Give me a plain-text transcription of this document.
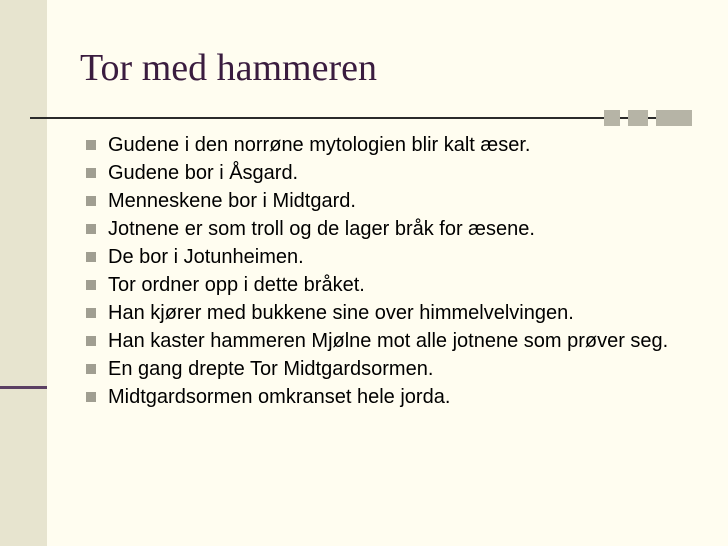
Tor med hammeren
Gudene i den norrøne mytologien blir kalt æser.
Gudene bor i Åsgard.
Menneskene bor i Midtgard.
Jotnene er som troll og de lager bråk for æsene.
De bor i Jotunheimen.
Tor ordner opp i dette bråket.
Han kjører med bukkene sine over himmelvelvingen.
Han kaster hammeren Mjølne mot alle jotnene som prøver seg.
En gang drepte Tor Midtgardsormen.
Midtgardsormen omkranset hele jorda.
